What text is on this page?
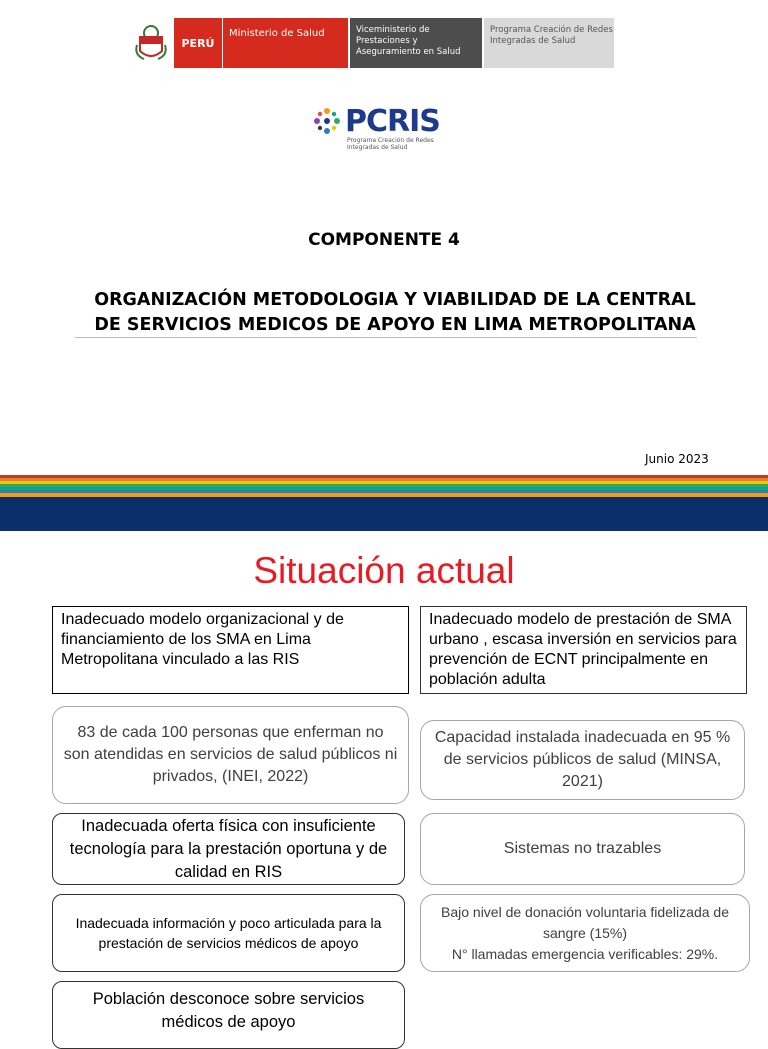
PERÚ
Ministerio de Salud	Viceministerio de Prestaciones y Aseguramiento en Salud
Programa Creación de Redes Integradas de Salud
PCRIS
Programa Creación de Redes Integradas de Salud
COMPONENTE 4
ORGANIZACIÓN METODOLOGIA Y VIABILIDAD DE LA CENTRAL
DE SERVICIOS MEDICOS DE APOYO EN LIMA METROPOLITANA
Junio 2023
Situación actual
Inadecuado modelo organizacional y de financiamiento de los SMA en Lima Metropolitana vinculado a las RIS
Inadecuado modelo de prestación de SMA urbano , escasa inversión en servicios para prevención de ECNT principalmente en población adulta
83 de cada 100 personas que enferman no son atendidas en servicios de salud públicos ni privados, (INEI, 2022)
Capacidad instalada inadecuada en 95 % de servicios públicos de salud (MINSA, 2021)
Inadecuada oferta física con insuficiente tecnología para la prestación oportuna y de calidad en RIS
Sistemas no trazables
Inadecuada información y poco articulada para la prestación de servicios médicos de apoyo
Bajo nivel de donación voluntaria fidelizada de sangre (15%)
N° llamadas emergencia verificables: 29%.
Población desconoce sobre servicios médicos de apoyo
